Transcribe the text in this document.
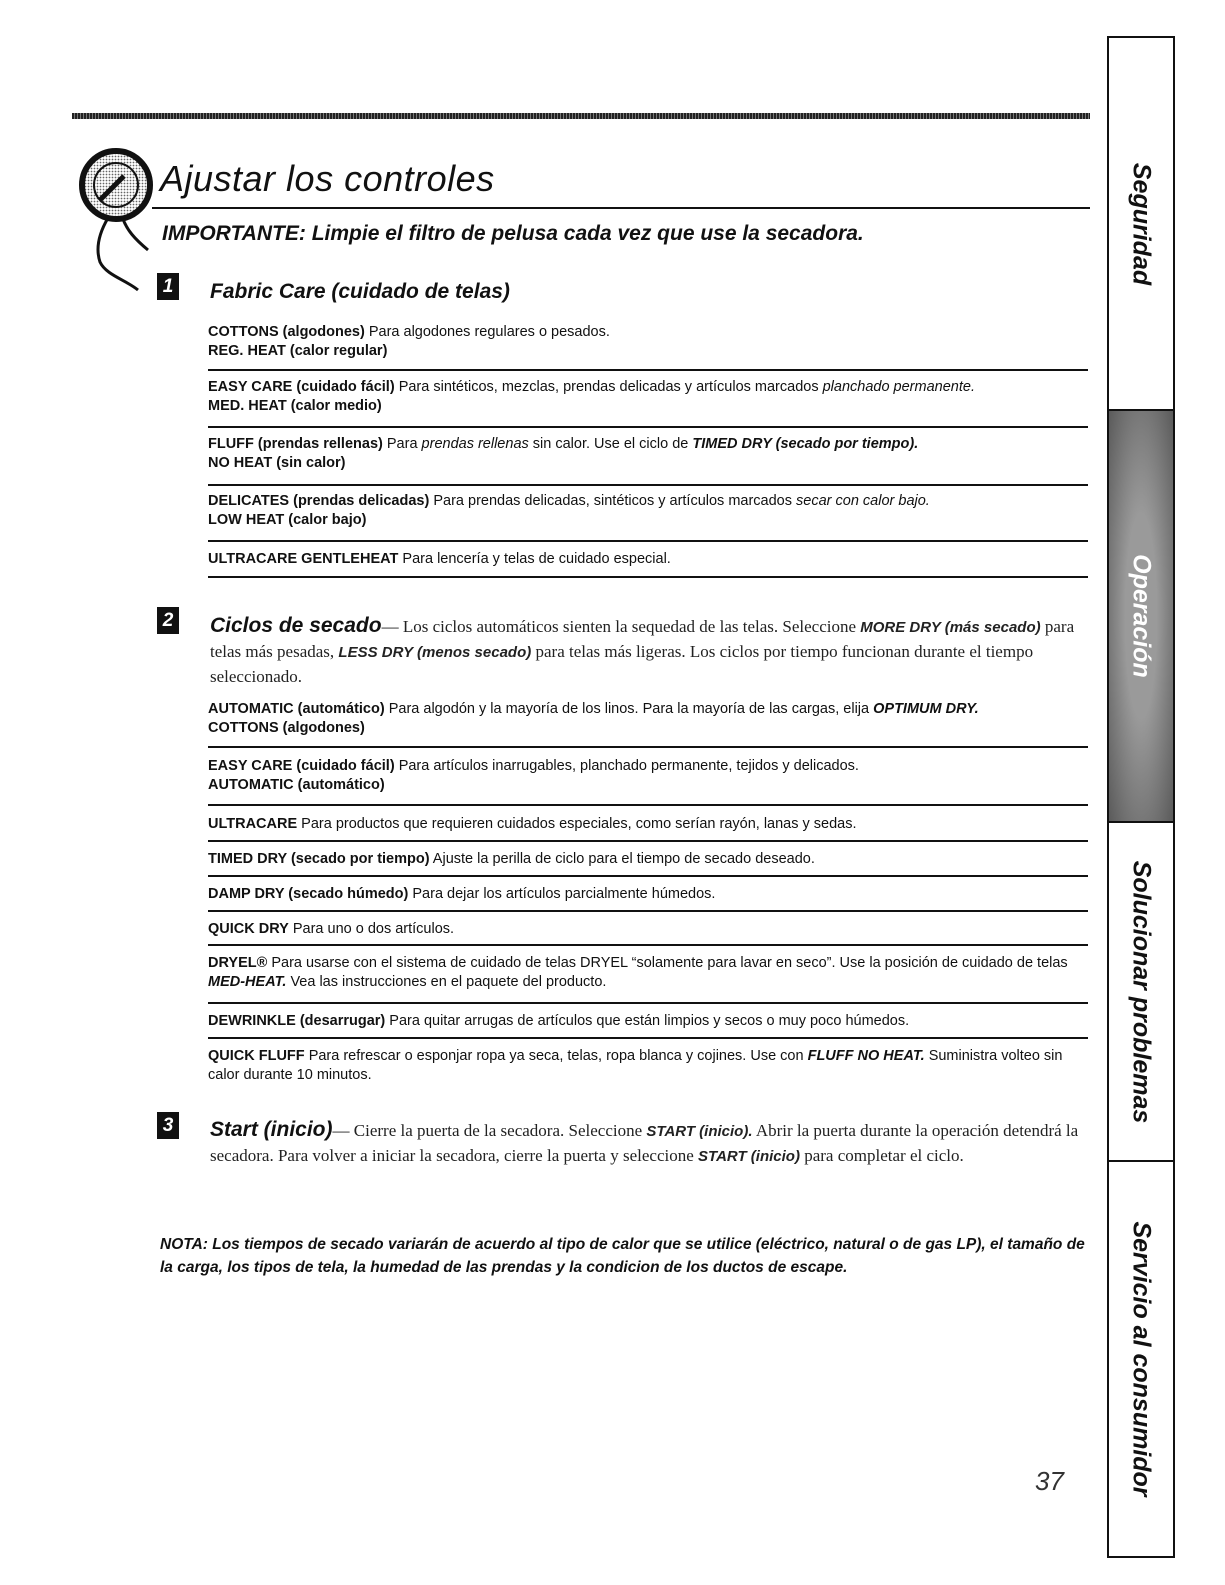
Ajustar los controles

IMPORTANTE: Limpie el filtro de pelusa cada vez que use la secadora.

1 Fabric Care (cuidado de telas)
COTTONS (algodones) Para algodones regulares o pesados.
REG. HEAT (calor regular)
EASY CARE (cuidado fácil) Para sintéticos, mezclas, prendas delicadas y artículos marcados planchado permanente.
MED. HEAT (calor medio)
FLUFF (prendas rellenas) Para prendas rellenas sin calor. Use el ciclo de TIMED DRY (secado por tiempo).
NO HEAT (sin calor)
DELICATES (prendas delicadas) Para prendas delicadas, sintéticos y artículos marcados secar con calor bajo.
LOW HEAT (calor bajo)
ULTRACARE GENTLEHEAT Para lencería y telas de cuidado especial.
2 Ciclos de secado— Los ciclos automáticos sienten la sequedad de las telas. Seleccione MORE DRY (más secado) para telas más pesadas, LESS DRY (menos secado) para telas más ligeras. Los ciclos por tiempo funcionan durante el tiempo seleccionado.
AUTOMATIC (automático) Para algodón y la mayoría de los linos. Para la mayoría de las cargas, elija OPTIMUM DRY.
COTTONS (algodones)
EASY CARE (cuidado fácil) Para artículos inarrugables, planchado permanente, tejidos y delicados.
AUTOMATIC (automático)
ULTRACARE Para productos que requieren cuidados especiales, como serían rayón, lanas y sedas.
TIMED DRY (secado por tiempo) Ajuste la perilla de ciclo para el tiempo de secado deseado.
DAMP DRY (secado húmedo) Para dejar los artículos parcialmente húmedos.
QUICK DRY Para uno o dos artículos.
DRYEL® Para usarse con el sistema de cuidado de telas DRYEL “solamente para lavar en seco”. Use la posición de cuidado de telas MED-HEAT. Vea las instrucciones en el paquete del producto.
DEWRINKLE (desarrugar) Para quitar arrugas de artículos que están limpios y secos o muy poco húmedos.
QUICK FLUFF Para refrescar o esponjar ropa ya seca, telas, ropa blanca y cojines. Use con FLUFF NO HEAT. Suministra volteo sin calor durante 10 minutos.
3 Start (inicio)— Cierre la puerta de la secadora. Seleccione START (inicio). Abrir la puerta durante la operación detendrá la secadora. Para volver a iniciar la secadora, cierre la puerta y seleccione START (inicio) para completar el ciclo.

NOTA: Los tiempos de secado variarán de acuerdo al tipo de calor que se utilice (eléctrico, natural o de gas LP), el tamaño de la carga, los tipos de tela, la humedad de las prendas y la condicion de los ductos de escape.

37
Seguridad
Operación
Solucionar problemas
Servicio al consumidor
